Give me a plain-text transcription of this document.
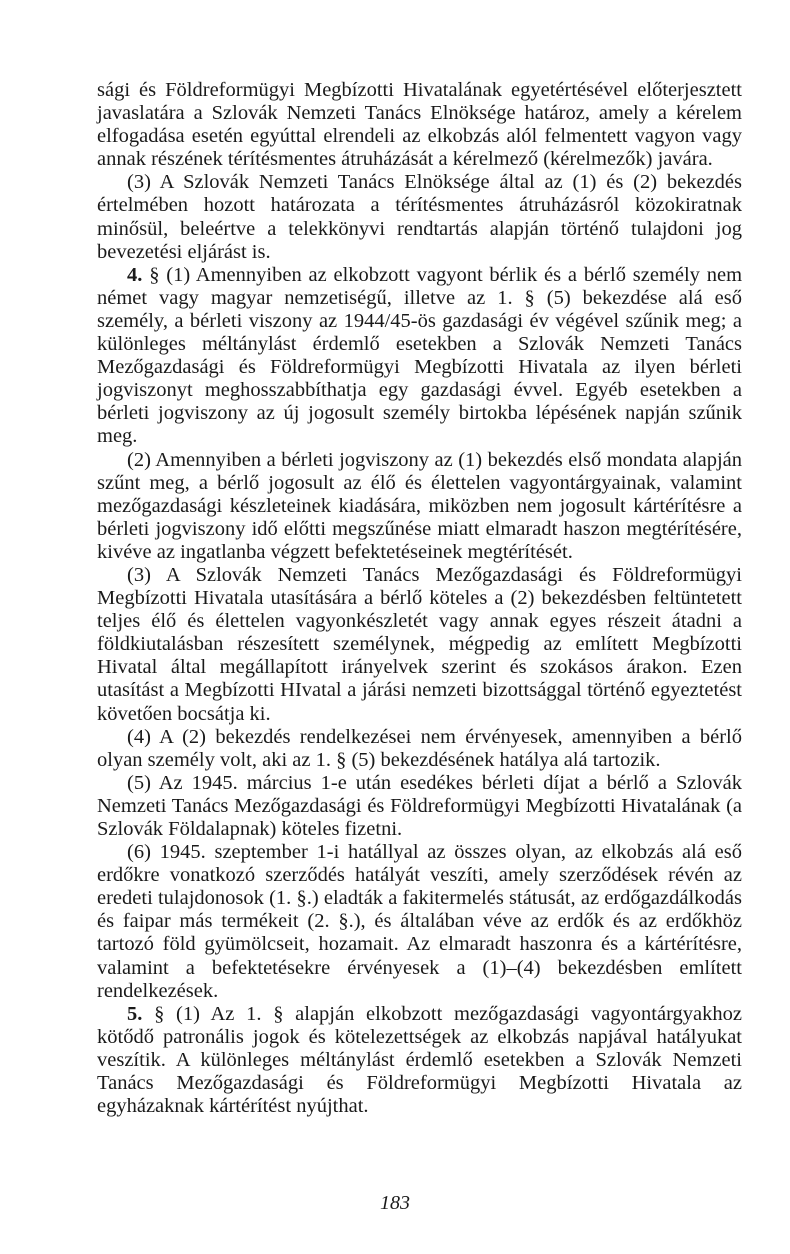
sági és Földreformügyi Megbízotti Hivatalának egyetértésével előterjesztett javaslatára a Szlovák Nemzeti Tanács Elnöksége határoz, amely a kérelem elfogadása esetén egyúttal elrendeli az elkobzás alól felmentett vagyon vagy annak részének térítésmentes átruházását a kérelmező (kérelmezők) javára.

(3) A Szlovák Nemzeti Tanács Elnöksége által az (1) és (2) bekezdés értelmében hozott határozata a térítésmentes átruházásról közokiratnak minősül, beleértve a telekkönyvi rendtartás alapján történő tulajdoni jog bevezetési eljárást is.

4. § (1) Amennyiben az elkobzott vagyont bérlik és a bérlő személy nem német vagy magyar nemzetiségű, illetve az 1. § (5) bekezdése alá eső személy, a bérleti viszony az 1944/45-ös gazdasági év végével szűnik meg; a különleges méltánylást érdemlő esetekben a Szlovák Nemzeti Tanács Mezőgazdasági és Földreformügyi Megbízotti Hivatala az ilyen bérleti jogviszonyt meghosszabbíthatja egy gazdasági évvel. Egyéb esetekben a bérleti jogviszony az új jogosult személy birtokba lépésének napján szűnik meg.

(2) Amennyiben a bérleti jogviszony az (1) bekezdés első mondata alapján szűnt meg, a bérlő jogosult az élő és élettelen vagyontárgyainak, valamint mezőgazdasági készleteinek kiadására, miközben nem jogosult kártérítésre a bérleti jogviszony idő előtti megszűnése miatt elmaradt haszon megtérítésére, kivéve az ingatlanba végzett befektetéseinek megtérítését.

(3) A Szlovák Nemzeti Tanács Mezőgazdasági és Földreformügyi Megbízotti Hivatala utasítására a bérlő köteles a (2) bekezdésben feltüntetett teljes élő és élettelen vagyonkészletét vagy annak egyes részeit átadni a földkiutalásban részesített személynek, mégpedig az említett Megbízotti Hivatal által megállapított irányelvek szerint és szokásos árakon. Ezen utasítást a Megbízotti HIvatal a járási nemzeti bizottsággal történő egyeztetést követően bocsátja ki.

(4) A (2) bekezdés rendelkezései nem érvényesek, amennyiben a bérlő olyan személy volt, aki az 1. § (5) bekezdésének hatálya alá tartozik.

(5) Az 1945. március 1-e után esedékes bérleti díjat a bérlő a Szlovák Nemzeti Tanács Mezőgazdasági és Földreformügyi Megbízotti Hivatalának (a Szlovák Földalapnak) köteles fizetni.

(6) 1945. szeptember 1-i hatállyal az összes olyan, az elkobzás alá eső erdőkre vonatkozó szerződés hatályát veszíti, amely szerződések révén az eredeti tulajdonosok (1. §.) eladták a fakitermelés státusát, az erdőgazdálkodás és faipar más termékeit (2. §.), és általában véve az erdők és az erdőkhöz tartozó föld gyümölcseit, hozamait. Az elmaradt haszonra és a kártérítésre, valamint a befektetésekre érvényesek a (1)–(4) bekezdésben említett rendelkezések.

5. § (1) Az 1. § alapján elkobzott mezőgazdasági vagyontárgyakhoz kötődő patronális jogok és kötelezettségek az elkobzás napjával hatályukat veszítik. A különleges méltánylást érdemlő esetekben a Szlovák Nemzeti Tanács Mezőgazdasági és Földreformügyi Megbízotti Hivatala az egyházaknak kártérítést nyújthat.

183
